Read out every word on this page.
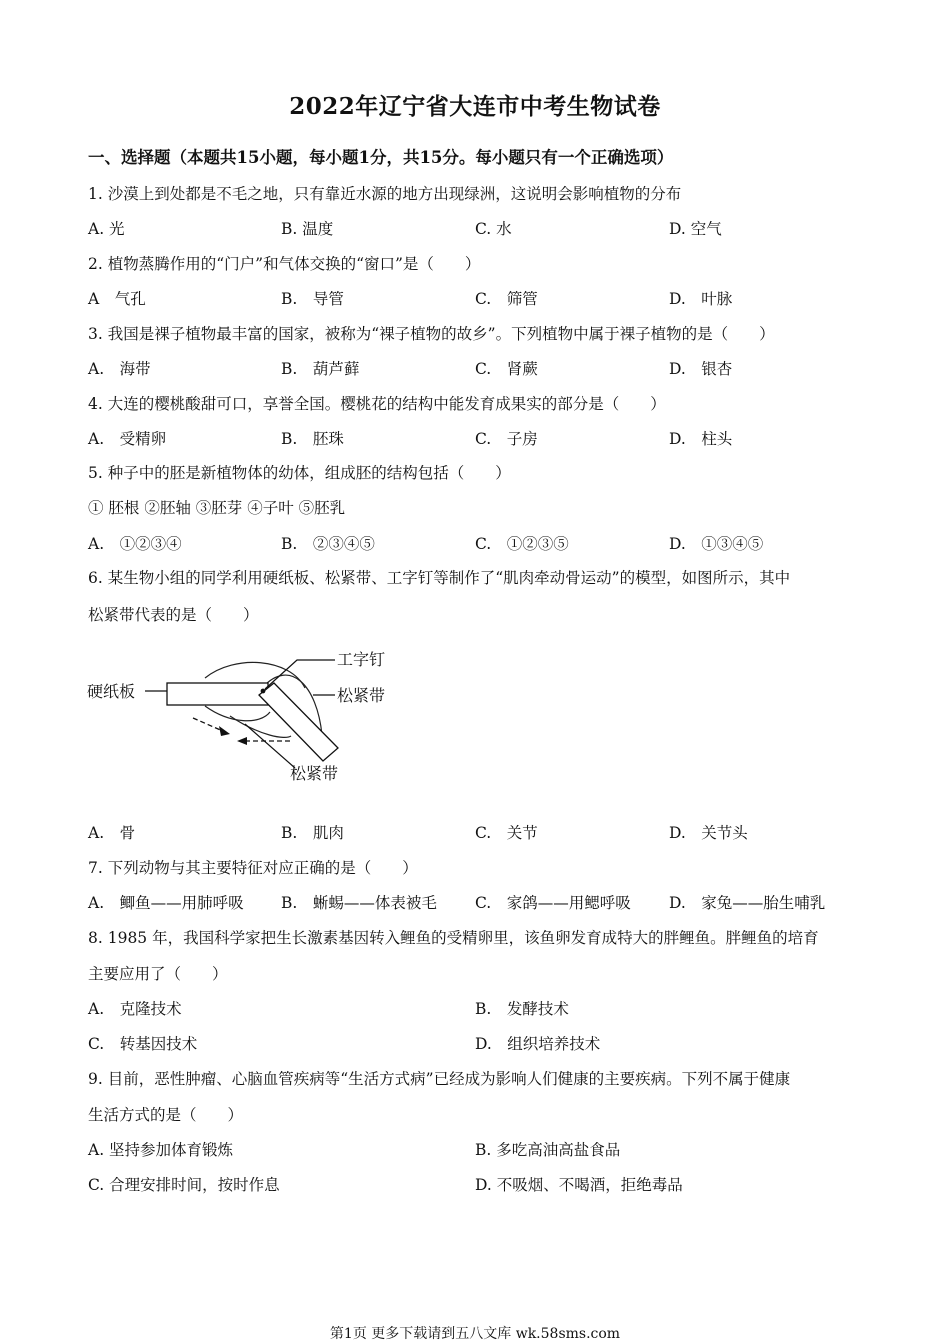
2022年辽宁省大连市中考生物试卷
一、选择题（本题共15小题，每小题1分，共15分。每小题只有一个正确选项）
1. 沙漠上到处都是不毛之地，只有靠近水源的地方出现绿洲，这说明会影响植物的分布
A. 光	B. 温度	C. 水	D. 空气
2. 植物蒸腾作用的“门户”和气体交换的“窗口”是（　　）
A　气孔	B.　导管	C.　筛管	D.　叶脉
3. 我国是裸子植物最丰富的国家，被称为“裸子植物的故乡”。下列植物中属于裸子植物的是（　　）
A.　海带	B.　葫芦藓	C.　肾蕨	D.　银杏
4. 大连的樱桃酸甜可口，享誉全国。樱桃花的结构中能发育成果实的部分是（　　）
A.　受精卵	B.　胚珠	C.　子房	D.　柱头
5. 种子中的胚是新植物体的幼体，组成胚的结构包括（　　）
① 胚根 ②胚轴 ③胚芽 ④子叶 ⑤胚乳
A.　①②③④	B.　②③④⑤	C.　①②③⑤	D.　①③④⑤
6. 某生物小组的同学利用硬纸板、松紧带、工字钉等制作了“肌肉牵动骨运动”的模型，如图所示，其中
松紧带代表的是（　　）
工字钉
松紧带
硬纸板
松紧带
A.　骨	B.　肌肉	C.　关节	D.　关节头
7. 下列动物与其主要特征对应正确的是（　　）
A.　鲫鱼——用肺呼吸 B.　蜥蜴——体表被毛 C.　家鸽——用鳃呼吸 D.　家兔——胎生哺乳
8. 1985 年，我国科学家把生长激素基因转入鲤鱼的受精卵里，该鱼卵发育成特大的胖鲤鱼。胖鲤鱼的培育
主要应用了（　　）
A.　克隆技术	B.　发酵技术
C.　转基因技术	D.　组织培养技术
9. 目前，恶性肿瘤、心脑血管疾病等“生活方式病”已经成为影响人们健康的主要疾病。下列不属于健康
生活方式的是（　　）
A. 坚持参加体育锻炼	B. 多吃高油高盐食品
C. 合理安排时间，按时作息	D. 不吸烟、不喝酒，拒绝毒品
第1页 更多下载请到五八文库 wk.58sms.com
